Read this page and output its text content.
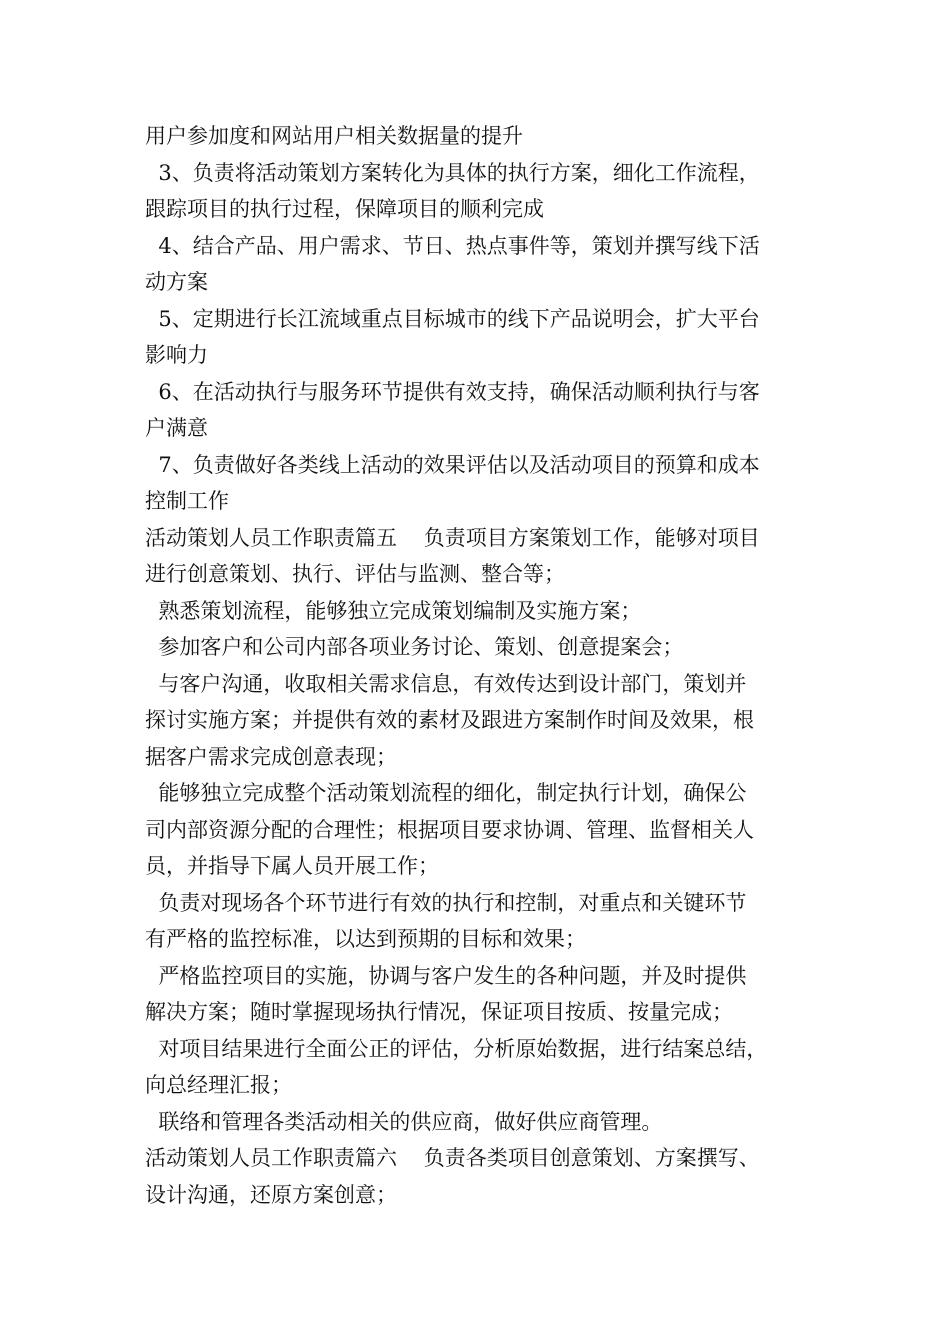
用户参加度和网站用户相关数据量的提升
3、负责将活动策划方案转化为具体的执行方案，细化工作流程，
跟踪项目的执行过程，保障项目的顺利完成
4、结合产品、用户需求、节日、热点事件等，策划并撰写线下活
动方案
5、定期进行长江流域重点目标城市的线下产品说明会，扩大平台
影响力
6、在活动执行与服务环节提供有效支持，确保活动顺利执行与客
户满意
7、负责做好各类线上活动的效果评估以及活动项目的预算和成本
控制工作
活动策划人员工作职责篇五    负责项目方案策划工作，能够对项目
进行创意策划、执行、评估与监测、整合等；
熟悉策划流程，能够独立完成策划编制及实施方案；
参加客户和公司内部各项业务讨论、策划、创意提案会；
与客户沟通，收取相关需求信息，有效传达到设计部门，策划并
探讨实施方案；并提供有效的素材及跟进方案制作时间及效果，根
据客户需求完成创意表现；
能够独立完成整个活动策划流程的细化，制定执行计划，确保公
司内部资源分配的合理性；根据项目要求协调、管理、监督相关人
员，并指导下属人员开展工作；
负责对现场各个环节进行有效的执行和控制，对重点和关键环节
有严格的监控标准，以达到预期的目标和效果；
严格监控项目的实施，协调与客户发生的各种问题，并及时提供
解决方案；随时掌握现场执行情况，保证项目按质、按量完成；
对项目结果进行全面公正的评估，分析原始数据，进行结案总结，
向总经理汇报；
联络和管理各类活动相关的供应商，做好供应商管理。
活动策划人员工作职责篇六    负责各类项目创意策划、方案撰写、
设计沟通，还原方案创意；
